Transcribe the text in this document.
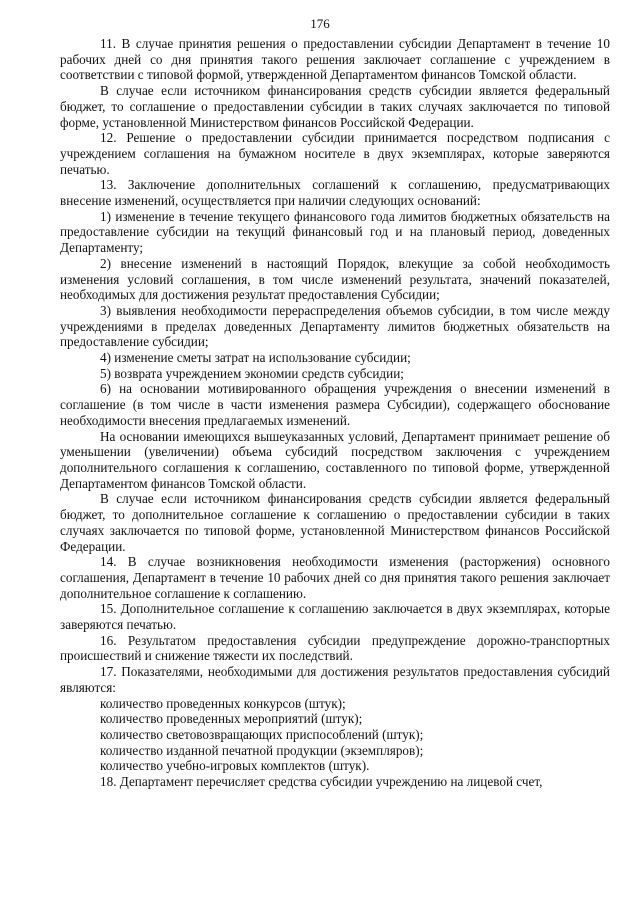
176

11. В случае принятия решения о предоставлении субсидии Департамент в течение 10 рабочих дней со дня принятия такого решения заключает соглашение с учреждением в соответствии с типовой формой, утвержденной Департаментом финансов Томской области.

В случае если источником финансирования средств субсидии является федеральный бюджет, то соглашение о предоставлении субсидии в таких случаях заключается по типовой форме, установленной Министерством финансов Российской Федерации.

12. Решение о предоставлении субсидии принимается посредством подписания с учреждением соглашения на бумажном носителе в двух экземплярах, которые заверяются печатью.

13. Заключение дополнительных соглашений к соглашению, предусматривающих внесение изменений, осуществляется при наличии следующих оснований:

1) изменение в течение текущего финансового года лимитов бюджетных обязательств на предоставление субсидии на текущий финансовый год и на плановый период, доведенных Департаменту;

2) внесение изменений в настоящий Порядок, влекущие за собой необходимость изменения условий соглашения, в том числе изменений результата, значений показателей, необходимых для достижения результат предоставления Субсидии;

3) выявления необходимости перераспределения объемов субсидии, в том числе между учреждениями в пределах доведенных Департаменту лимитов бюджетных обязательств на предоставление субсидии;

4) изменение сметы затрат на использование субсидии;

5) возврата учреждением экономии средств субсидии;

6) на основании мотивированного обращения учреждения о внесении изменений в соглашение (в том числе в части изменения размера Субсидии), содержащего обоснование необходимости внесения предлагаемых изменений.

На основании имеющихся вышеуказанных условий, Департамент принимает решение об уменьшении (увеличении) объема субсидий посредством заключения с учреждением дополнительного соглашения к соглашению, составленного по типовой форме, утвержденной Департаментом финансов Томской области.

В случае если источником финансирования средств субсидии является федеральный бюджет, то дополнительное соглашение к соглашению о предоставлении субсидии в таких случаях заключается по типовой форме, установленной Министерством финансов Российской Федерации.

14. В случае возникновения необходимости изменения (расторжения) основного соглашения, Департамент в течение 10 рабочих дней со дня принятия такого решения заключает дополнительное соглашение к соглашению.

15. Дополнительное соглашение к соглашению заключается в двух экземплярах, которые заверяются печатью.

16. Результатом предоставления субсидии предупреждение дорожно-транспортных происшествий и снижение тяжести их последствий.

17. Показателями, необходимыми для достижения результатов предоставления субсидий являются:

количество проведенных конкурсов (штук);

количество проведенных мероприятий (штук);

количество световозвращающих приспособлений (штук);

количество изданной печатной продукции (экземпляров);

количество учебно-игровых комплектов (штук).

18. Департамент перечисляет средства субсидии учреждению на лицевой счет,
